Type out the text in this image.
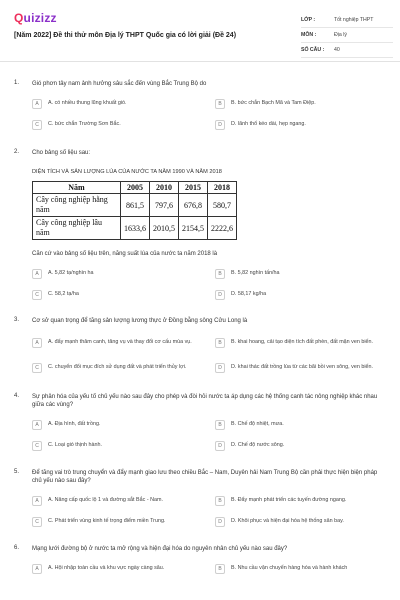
Quizizz
[Năm 2022] Đề thi thử môn Địa lý THPT Quốc gia có lời giải (Đề 24)
LỚP :	Tốt nghiệp THPT
MÔN :	Địa lý
SỐ CÂU :	40
1. Gió phơn tây nam ảnh hưởng sâu sắc đến vùng Bắc Trung Bộ do
A	A. có nhiều thung lũng khuất gió.	B	B. bức chắn Bạch Mã và Tam Điệp.
C	C. bức chắn Trường Sơn Bắc.	D	D. lãnh thổ kéo dài, hẹp ngang.
2. Cho bảng số liệu sau:
DIỆN TÍCH VÀ SẢN LƯỢNG LÚA CỦA NƯỚC TA NĂM 1990 VÀ NĂM 2018
Năm	2005	2010	2015	2018
Cây công nghiệp hằng năm	861,5	797,6	676,8	580,7
Cây công nghiệp lâu năm	1633,6	2010,5	2154,5	2222,6
Căn cứ vào bảng số liệu trên, năng suất lúa của nước ta năm 2018 là
A	A. 5,82 tạ/nghìn ha	B	B. 5,82 nghìn tấn/ha
C	C. 58,2 tạ/ha	D	D. 58,17 kg/ha
3. Cơ sở quan trọng để tăng sản lượng lương thực ở Đồng bằng sông Cửu Long là
A	A. đẩy mạnh thâm canh, tăng vụ và thay đổi cơ cấu mùa vụ.	B	B. khai hoang, cải tạo diện tích đất phèn, đất mặn ven biển.
C	C. chuyển đổi mục đích sử dụng đất và phát triển thủy lợi.	D	D. khai thác đất trồng lúa từ các bãi bồi ven sông, ven biển.
4. Sự phân hóa của yếu tố chủ yếu nào sau đây cho phép và đòi hỏi nước ta áp dụng các hệ thống canh tác nông nghiệp khác nhau giữa các vùng?
A	A. Địa hình, đất trồng.	B	B. Chế độ nhiệt, mưa.
C	C. Loại gió thịnh hành.	D	D. Chế độ nước sông.
5. Để tăng vai trò trung chuyển và đẩy mạnh giao lưu theo chiều Bắc – Nam, Duyên hải Nam Trung Bộ cần phải thực hiện biện pháp chủ yếu nào sau đây?
A	A. Nâng cấp quốc lộ 1 và đường sắt Bắc - Nam.	B	B. Đẩy mạnh phát triển các tuyến đường ngang.
C	C. Phát triển vùng kinh tế trọng điểm miền Trung.	D	D. Khôi phục và hiện đại hóa hệ thống sân bay.
6. Mạng lưới đường bộ ở nước ta mở rộng và hiện đại hóa do nguyên nhân chủ yếu nào sau đây?
A	A. Hội nhập toàn cầu và khu vực ngày càng sâu.	B	B. Nhu cầu vận chuyển hàng hóa và hành khách
